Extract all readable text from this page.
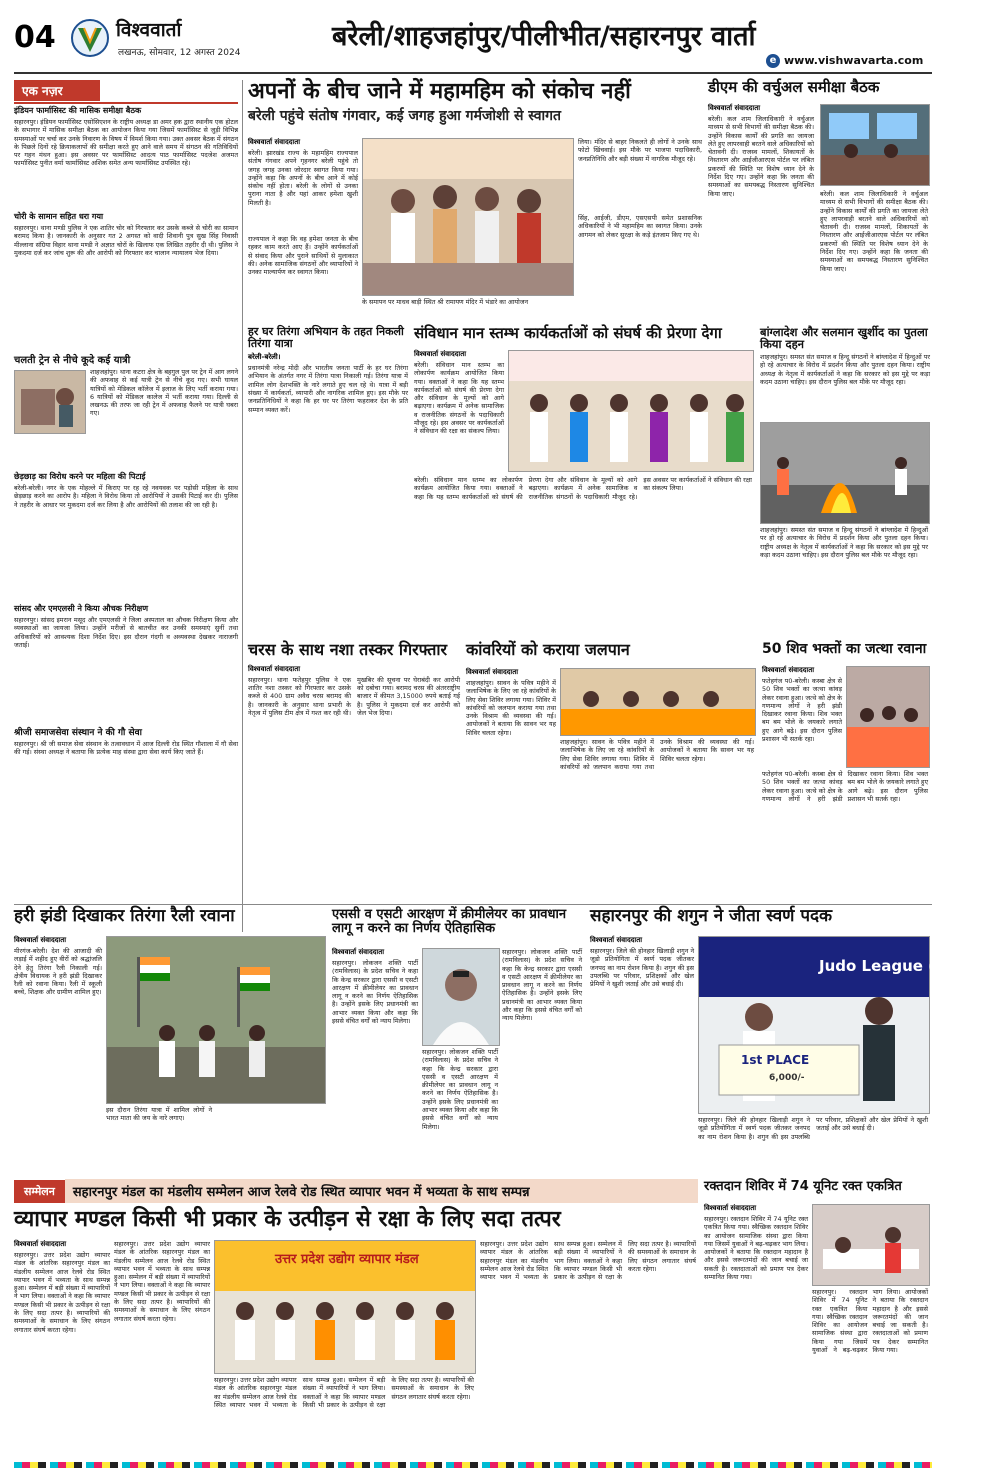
04	विश्ववार्ता
लखनऊ, सोमवार, 12 अगस्त 2024
बरेली/शाहजहांपुर/पीलीभीत/सहारनपुर वार्ता
e www.vishwavarta.com
एक नज़र
इंडियन फार्मासिस्ट की मासिक समीक्षा बैठक
सहारनपुर। इंडियन फार्मासिस्ट एसोसिएशन के राष्ट्रीय अध्यक्ष डा अमर हक द्वारा स्थानीय एक होटल के सभागार में मासिक समीक्षा बैठक का आयोजन किया गया जिसमें फार्मासिस्ट से जुड़ी विभिन्न समस्याओं पर चर्चा कर उनके निवारण के विषय में विमर्श किया गया। उक्त अवसर बैठक में संगठन के पिछले दिनों रहे क्रियाकलापों की समीक्षा करते हुए आने वाले समय में संगठन की गतिविधियों पर गहन मंथन हुआ। इस अवसर पर फार्मासिस्ट आदत्य पाठ फार्मासिस्ट पदजेश अजमत फार्मासिस्ट पुनीत वर्मा फार्मासिस्ट अशिक समेत अन्य फार्मासिस्ट उपस्थित रहे।
चोरी के सामान सहित धरा गया
सहारनपुर। थाना मण्डी पुलिस ने एक शातिर चोर को गिरफ्तार कर उसके कब्जे से चोरी का सामान बरामद किया है। जानकारी के अनुसार गत 2 अगस्त को वादी शिवानी पुत्र सुख सिंह निवासी मील्लाना संग्रिया विहार थाना मण्डी ने अज्ञात चोरों के खिलाफ एक लिखित तहरीर दी थी। पुलिस ने मुकदमा दर्ज कर जांच शुरू की और आरोपी को गिरफ्तार कर चालान न्यायालय भेज दिया।
चलती ट्रेन से नीचे कूदे कई यात्री
शाहजहांपुर। थाना कटरा क्षेत्र के बहगुल पुल पर ट्रेन में आग लगने की अफवाह से कई यात्री ट्रेन से नीचे कूद गए। सभी घायल यात्रियों को मेडिकल कॉलेज में इलाज के लिए भर्ती कराया गया। 6 यात्रियों को मेडिकल कालेज में भर्ती कराया गया। दिल्ली से लखनऊ की तरफ जा रही ट्रेन में अफवाह फैलने पर यात्री घबरा गए।
छेड़छाड़ का विरोध करने पर महिला की पिटाई
बरेली-बरेली। नगर के एक मोहल्ले में किराए पर रह रहे नवयवक पर पड़ोसी महिला के साथ छेड़छाड़ करने का आरोप है। महिला ने विरोध किया तो आरोपियों ने उसकी पिटाई कर दी। पुलिस ने तहरीर के आधार पर मुकदमा दर्ज कर लिया है और आरोपियों की तलाश की जा रही है।
सांसद और एमएलसी ने किया औचक निरीक्षण
सहारनपुर। सांसद इमरान मसूद और एमएलसी ने जिला अस्पताल का औचक निरीक्षण किया और व्यवस्थाओं का जायजा लिया। उन्होंने मरीजों से बातचीत कर उनकी समस्याएं सुनीं तथा अधिकारियों को आवश्यक दिशा निर्देश दिए। इस दौरान गंदगी व अव्यवस्था देखकर नाराजगी जताई।
श्रीजी समाजसेवा संस्थान ने की गौ सेवा
सहारनपुर। श्री जी समाज सेवा संस्थान के तत्वावधान में आज दिल्ली रोड स्थित गौशाला में गौ सेवा की गई। संस्था अध्यक्ष ने बताया कि प्रत्येक माह संस्था द्वारा सेवा कार्य किए जाते हैं।
अपनों के बीच जाने में महामहिम को संकोच नहीं
बरेली पहुंचे संतोष गंगवार, कई जगह हुआ गर्मजोशी से स्वागत
विश्ववार्ता संवाददाता
बरेली। झारखंड राज्य के महामहिम राज्यपाल संतोष गंगवार अपने गृहनगर बरेली पहुंचे तो जगह जगह उनका जोरदार स्वागत किया गया। उन्होंने कहा कि अपनों के बीच आने में कोई संकोच नहीं होता। बरेली के लोगों से उनका पुराना नाता है और यहां आकर हमेशा खुशी मिलती है।
राज्यपाल ने कहा कि वह हमेशा जनता के बीच रहकर काम करते आए हैं। उन्होंने कार्यकर्ताओं से संवाद किया और पुराने साथियों से मुलाकात की। अनेक सामाजिक संगठनों और व्यापारियों ने उनका माल्यार्पण कर स्वागत किया।
लिया। मंदिर से बाहर निकलते ही लोगों ने उनके साथ फोटो खिंचवाई। इस मौके पर भाजपा पदाधिकारी, जनप्रतिनिधि और बड़ी संख्या में नागरिक मौजूद रहे।
सिंह, आईजी, डीएम, एसएसपी समेत प्रशासनिक अधिकारियों ने भी महामहिम का स्वागत किया। उनके आगमन को लेकर सुरक्षा के कड़े इंतजाम किए गए थे।
के समापन पर माधव बाड़ी स्थित श्री रामायण मंदिर में भंडारे का आयोजन
डीएम की वर्चुअल समीक्षा बैठक
विश्ववार्ता संवाददाता
बरेली। कल शाम जिलाधिकारी ने वर्चुअल माध्यम से सभी विभागों की समीक्षा बैठक की। उन्होंने विकास कार्यों की प्रगति का जायजा लेते हुए लापरवाही बरतने वाले अधिकारियों को चेतावनी दी। राजस्व मामलों, शिकायतों के निस्तारण और आईजीआरएस पोर्टल पर लंबित प्रकरणों की स्थिति पर विशेष ध्यान देने के निर्देश दिए गए। उन्होंने कहा कि जनता की समस्याओं का समयबद्ध निस्तारण सुनिश्चित किया जाए।	बरेली। कल शाम जिलाधिकारी ने वर्चुअल माध्यम से सभी विभागों की समीक्षा बैठक की। उन्होंने विकास कार्यों की प्रगति का जायजा लेते हुए लापरवाही बरतने वाले अधिकारियों को चेतावनी दी। राजस्व मामलों, शिकायतों के निस्तारण और आईजीआरएस पोर्टल पर लंबित प्रकरणों की स्थिति पर विशेष ध्यान देने के निर्देश दिए गए। उन्होंने कहा कि जनता की समस्याओं का समयबद्ध निस्तारण सुनिश्चित किया जाए।
हर घर तिरंगा अभियान के तहत निकली तिरंगा यात्रा
बरेली-बरेली।
प्रधानमंत्री नरेन्द्र मोदी और भारतीय जनता पार्टी के हर घर तिरंगा अभियान के अंतर्गत नगर में तिरंगा यात्रा निकाली गई। तिरंगा यात्रा में शामिल लोग देशभक्ति के नारे लगाते हुए चल रहे थे। यात्रा में बड़ी संख्या में कार्यकर्ता, व्यापारी और नागरिक शामिल हुए। इस मौके पर जनप्रतिनिधियों ने कहा कि हर घर पर तिरंगा फहराकर देश के प्रति सम्मान व्यक्त करें।
संविधान मान स्तम्भ कार्यकर्ताओं को संघर्ष की प्रेरणा देगा
विश्ववार्ता संवाददाता
बरेली। संविधान मान स्तम्भ का लोकार्पण कार्यक्रम आयोजित किया गया। वक्ताओं ने कहा कि यह स्तम्भ कार्यकर्ताओं को संघर्ष की प्रेरणा देगा और संविधान के मूल्यों को आगे बढ़ाएगा। कार्यक्रम में अनेक सामाजिक व राजनीतिक संगठनों के पदाधिकारी मौजूद रहे। इस अवसर पर कार्यकर्ताओं ने संविधान की रक्षा का संकल्प लिया।
बरेली। संविधान मान स्तम्भ का लोकार्पण कार्यक्रम आयोजित किया गया। वक्ताओं ने कहा कि यह स्तम्भ कार्यकर्ताओं को संघर्ष की प्रेरणा देगा और संविधान के मूल्यों को आगे बढ़ाएगा। कार्यक्रम में अनेक सामाजिक व राजनीतिक संगठनों के पदाधिकारी मौजूद रहे। इस अवसर पर कार्यकर्ताओं ने संविधान की रक्षा का संकल्प लिया।
बांग्लादेश और सलमान खुर्शीद का पुतला किया दहन
शाहजहांपुर। समस्त संत समाज व हिन्दू संगठनों ने बांग्लादेश में हिन्दुओं पर हो रहे अत्याचार के विरोध में प्रदर्शन किया और पुतला दहन किया। राष्ट्रीय अध्यक्ष के नेतृत्व में कार्यकर्ताओं ने कहा कि सरकार को इस मुद्दे पर कड़ा कदम उठाना चाहिए। इस दौरान पुलिस बल मौके पर मौजूद रहा।
शाहजहांपुर। समस्त संत समाज व हिन्दू संगठनों ने बांग्लादेश में हिन्दुओं पर हो रहे अत्याचार के विरोध में प्रदर्शन किया और पुतला दहन किया। राष्ट्रीय अध्यक्ष के नेतृत्व में कार्यकर्ताओं ने कहा कि सरकार को इस मुद्दे पर कड़ा कदम उठाना चाहिए। इस दौरान पुलिस बल मौके पर मौजूद रहा।
चरस के साथ नशा तस्कर गिरफ्तार
विश्ववार्ता संवाददाता
सहारनपुर। थाना फतेहपुर पुलिस ने एक शातिर नशा तस्कर को गिरफ्तार कर उसके कब्जे से 400 ग्राम अवैध चरस बरामद की है। जानकारी के अनुसार थाना प्रभारी के नेतृत्व में पुलिस टीम क्षेत्र में गश्त कर रही थी। मुखबिर की सूचना पर घेराबंदी कर आरोपी को दबोचा गया। बरामद चरस की अंतरराष्ट्रीय बाजार में कीमत 3,15000 रुपये बताई गई है। पुलिस ने मुकदमा दर्ज कर आरोपी को जेल भेज दिया।
कांवरियों को कराया जलपान
विश्ववार्ता संवाददाता
शाहजहांपुर। सावन के पवित्र महीने में जलाभिषेक के लिए जा रहे कांवरियों के लिए सेवा शिविर लगाया गया। शिविर में कांवरियों को जलपान कराया गया तथा उनके विश्राम की व्यवस्था की गई। आयोजकों ने बताया कि सावन भर यह शिविर चलता रहेगा।
शाहजहांपुर। सावन के पवित्र महीने में जलाभिषेक के लिए जा रहे कांवरियों के लिए सेवा शिविर लगाया गया। शिविर में कांवरियों को जलपान कराया गया तथा उनके विश्राम की व्यवस्था की गई। आयोजकों ने बताया कि सावन भर यह शिविर चलता रहेगा।
50 शिव भक्तों का जत्था रवाना
विश्ववार्ता संवाददाता
फतेहगंज प0-बरेली। कस्बा क्षेत्र से 50 शिव भक्तों का जत्था कांवड़ लेकर रवाना हुआ। जत्थे को क्षेत्र के गणमान्य लोगों ने हरी झंडी दिखाकर रवाना किया। शिव भक्त बम बम भोले के जयकारे लगाते हुए आगे बढ़े। इस दौरान पुलिस प्रशासन भी सतर्क रहा।
फतेहगंज प0-बरेली। कस्बा क्षेत्र से 50 शिव भक्तों का जत्था कांवड़ लेकर रवाना हुआ। जत्थे को क्षेत्र के गणमान्य लोगों ने हरी झंडी दिखाकर रवाना किया। शिव भक्त बम बम भोले के जयकारे लगाते हुए आगे बढ़े। इस दौरान पुलिस प्रशासन भी सतर्क रहा।
हरी झंडी दिखाकर तिरंगा रैली रवाना
विश्ववार्ता संवाददाता
मीरगंज-बरेली। देश की आजादी की लड़ाई में शहीद हुए वीरों को श्रद्धांजलि देने हेतु तिरंगा रैली निकाली गई। क्षेत्रीय विधायक ने हरी झंडी दिखाकर रैली को रवाना किया। रैली में स्कूली बच्चे, शिक्षक और ग्रामीण शामिल हुए।
इस दौरान तिरंगा यात्रा में शामिल लोगों ने भारत माता की जय के नारे लगाए।
एससी व एसटी आरक्षण में क्रीमीलेयर का प्रावधान लागू न करने का निर्णय ऐतिहासिक
विश्ववार्ता संवाददाता
सहारनपुर। लोकजन शक्ति पार्टी (रामविलास) के प्रदेश सचिव ने कहा कि केन्द्र सरकार द्वारा एससी व एसटी आरक्षण में क्रीमीलेयर का प्रावधान लागू न करने का निर्णय ऐतिहासिक है। उन्होंने इसके लिए प्रधानमंत्री का आभार व्यक्त किया और कहा कि इससे वंचित वर्गों को न्याय मिलेगा।
सहारनपुर। लोकजन शक्ति पार्टी (रामविलास) के प्रदेश सचिव ने कहा कि केन्द्र सरकार द्वारा एससी व एसटी आरक्षण में क्रीमीलेयर का प्रावधान लागू न करने का निर्णय ऐतिहासिक है। उन्होंने इसके लिए प्रधानमंत्री का आभार व्यक्त किया और कहा कि इससे वंचित वर्गों को न्याय मिलेगा।
सहारनपुर। लोकजन शक्ति पार्टी (रामविलास) के प्रदेश सचिव ने कहा कि केन्द्र सरकार द्वारा एससी व एसटी आरक्षण में क्रीमीलेयर का प्रावधान लागू न करने का निर्णय ऐतिहासिक है। उन्होंने इसके लिए प्रधानमंत्री का आभार व्यक्त किया और कहा कि इससे वंचित वर्गों को न्याय मिलेगा।
सहारनपुर की शगुन ने जीता स्वर्ण पदक
विश्ववार्ता संवाददाता
सहारनपुर। जिले की होनहार खिलाड़ी शगुन ने जूडो प्रतियोगिता में स्वर्ण पदक जीतकर जनपद का नाम रोशन किया है। शगुन की इस उपलब्धि पर परिवार, प्रशिक्षकों और खेल प्रेमियों ने खुशी जताई और उसे बधाई दी।
Judo League (North Z
1st PLACE
6,000/-
सहारनपुर। जिले की होनहार खिलाड़ी शगुन ने जूडो प्रतियोगिता में स्वर्ण पदक जीतकर जनपद का नाम रोशन किया है। शगुन की इस उपलब्धि पर परिवार, प्रशिक्षकों और खेल प्रेमियों ने खुशी जताई और उसे बधाई दी।
सम्मेलन	सहारनपुर मंडल का मंडलीय सम्मेलन आज रेलवे रोड स्थित व्यापार भवन में भव्यता के साथ सम्पन्न
व्यापार मण्डल किसी भी प्रकार के उत्पीड़न से रक्षा के लिए सदा तत्पर
विश्ववार्ता संवाददाता
सहारनपुर। उत्तर प्रदेश उद्योग व्यापार मंडल के आंतरिक सहारनपुर मंडल का मंडलीय सम्मेलन आज रेलवे रोड स्थित व्यापार भवन में भव्यता के साथ सम्पन्न हुआ। सम्मेलन में बड़ी संख्या में व्यापारियों ने भाग लिया। वक्ताओं ने कहा कि व्यापार मण्डल किसी भी प्रकार के उत्पीड़न से रक्षा के लिए सदा तत्पर है। व्यापारियों की समस्याओं के समाधान के लिए संगठन लगातार संघर्ष करता रहेगा।
उत्तर प्रदेश उद्योग व्यापार मंडल
सहारनपुर। उत्तर प्रदेश उद्योग व्यापार मंडल के आंतरिक सहारनपुर मंडल का मंडलीय सम्मेलन आज रेलवे रोड स्थित व्यापार भवन में भव्यता के साथ सम्पन्न हुआ। सम्मेलन में बड़ी संख्या में व्यापारियों ने भाग लिया। वक्ताओं ने कहा कि व्यापार मण्डल किसी भी प्रकार के उत्पीड़न से रक्षा के लिए सदा तत्पर है। व्यापारियों की समस्याओं के समाधान के लिए संगठन लगातार संघर्ष करता रहेगा।
सहारनपुर। उत्तर प्रदेश उद्योग व्यापार मंडल के आंतरिक सहारनपुर मंडल का मंडलीय सम्मेलन आज रेलवे रोड स्थित व्यापार भवन में भव्यता के साथ सम्पन्न हुआ। सम्मेलन में बड़ी संख्या में व्यापारियों ने भाग लिया। वक्ताओं ने कहा कि व्यापार मण्डल किसी भी प्रकार के उत्पीड़न से रक्षा के लिए सदा तत्पर है। व्यापारियों की समस्याओं के समाधान के लिए संगठन लगातार संघर्ष करता रहेगा।
सहारनपुर। उत्तर प्रदेश उद्योग व्यापार मंडल के आंतरिक सहारनपुर मंडल का मंडलीय सम्मेलन आज रेलवे रोड स्थित व्यापार भवन में भव्यता के साथ सम्पन्न हुआ। सम्मेलन में बड़ी संख्या में व्यापारियों ने भाग लिया। वक्ताओं ने कहा कि व्यापार मण्डल किसी भी प्रकार के उत्पीड़न से रक्षा के लिए सदा तत्पर है। व्यापारियों की समस्याओं के समाधान के लिए संगठन लगातार संघर्ष करता रहेगा।
रक्तदान शिविर में 74 यूनिट रक्त एकत्रित
विश्ववार्ता संवाददाता
सहारनपुर। रक्तदान शिविर में 74 यूनिट रक्त एकत्रित किया गया। स्वैच्छिक रक्तदान शिविर का आयोजन सामाजिक संस्था द्वारा किया गया जिसमें युवाओं ने बढ़-चढ़कर भाग लिया। आयोजकों ने बताया कि रक्तदान महादान है और इससे जरूरतमंदों की जान बचाई जा सकती है। रक्तदाताओं को प्रमाण पत्र देकर सम्मानित किया गया।
सहारनपुर। रक्तदान शिविर में 74 यूनिट रक्त एकत्रित किया गया। स्वैच्छिक रक्तदान शिविर का आयोजन सामाजिक संस्था द्वारा किया गया जिसमें युवाओं ने बढ़-चढ़कर भाग लिया। आयोजकों ने बताया कि रक्तदान महादान है और इससे जरूरतमंदों की जान बचाई जा सकती है। रक्तदाताओं को प्रमाण पत्र देकर सम्मानित किया गया।
